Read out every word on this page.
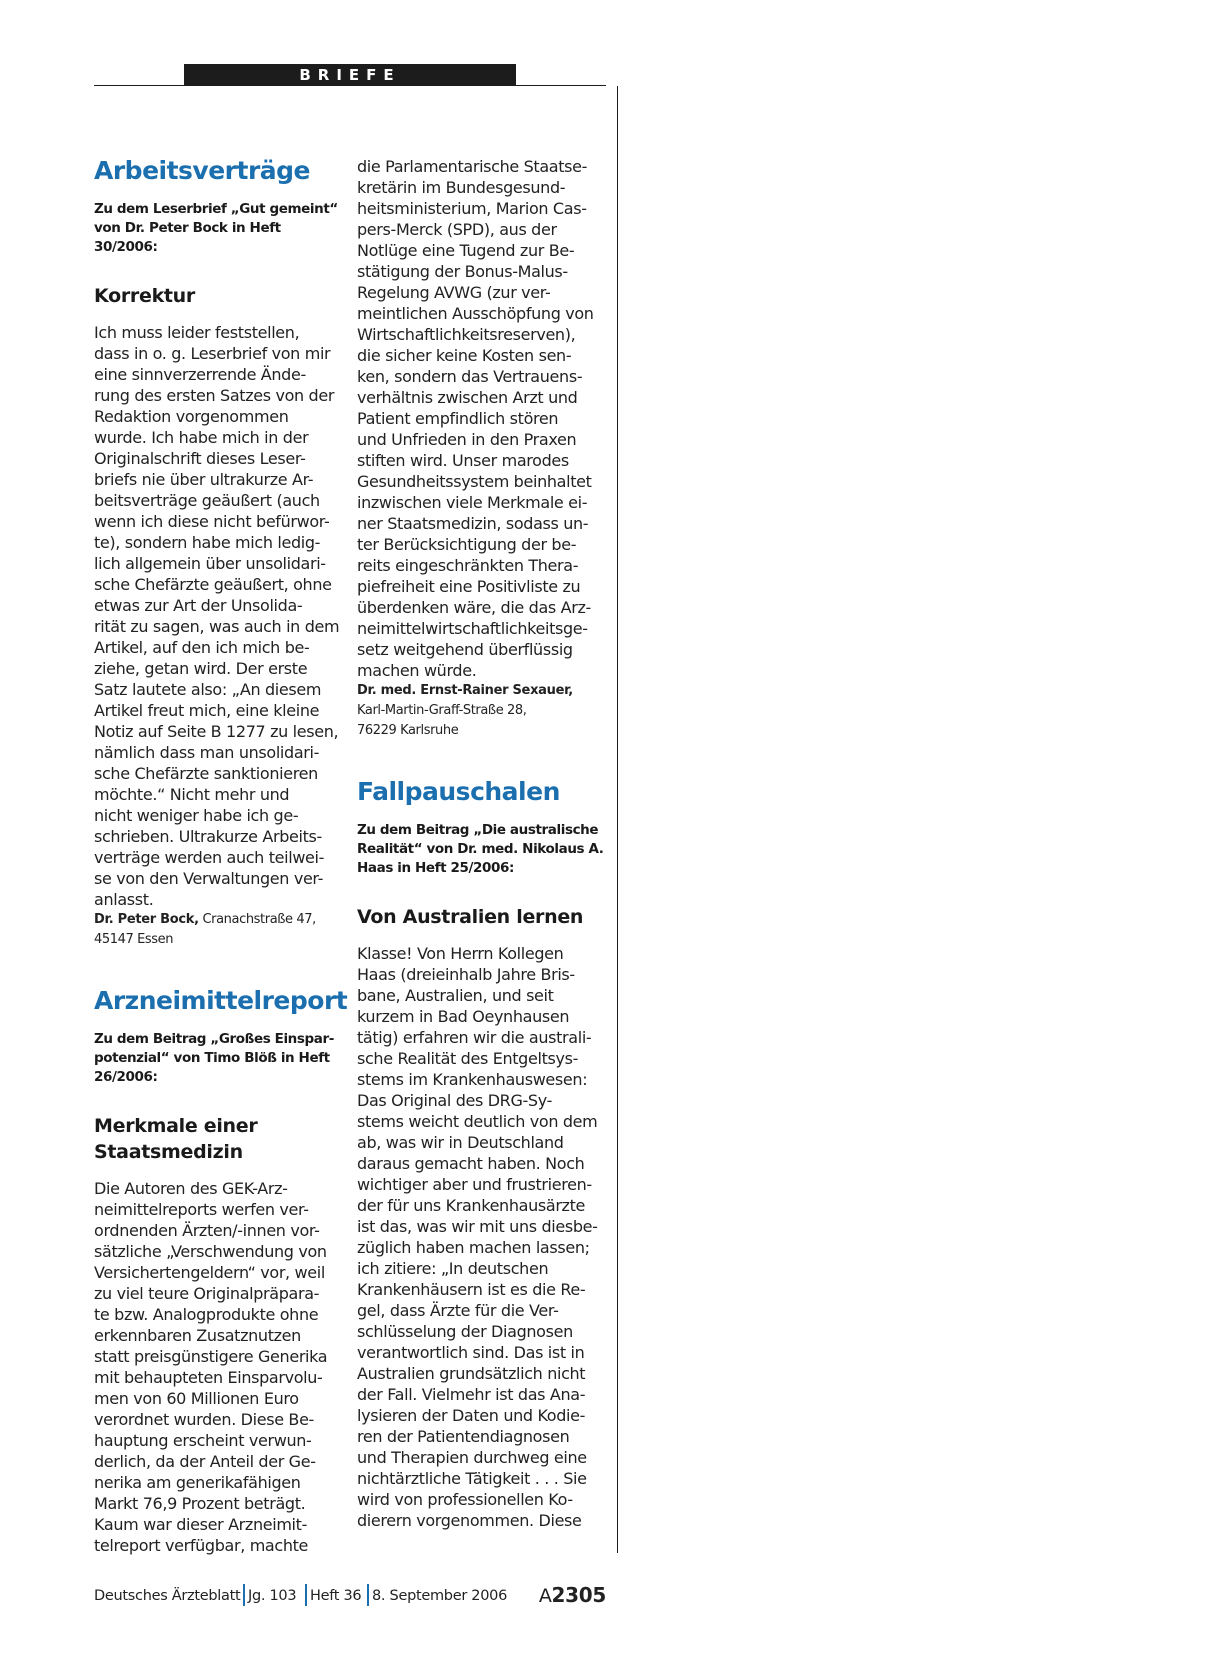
BRIEFE
Arbeitsverträge
Zu dem Leserbrief „Gut gemeint“
von Dr. Peter Bock in Heft 30/2006:
Korrektur

Ich muss leider feststellen,

dass in o. g. Leserbrief von mir

eine sinnverzerrende Ände-

rung des ersten Satzes von der

Redaktion vorgenommen

wurde. Ich habe mich in der

Originalschrift dieses Leser-

briefs nie über ultrakurze Ar-

beitsverträge geäußert (auch

wenn ich diese nicht befürwor-

te), sondern habe mich ledig-

lich allgemein über unsolidari-

sche Chefärzte geäußert, ohne

etwas zur Art der Unsolida-

rität zu sagen, was auch in dem

Artikel, auf den ich mich be-

ziehe, getan wird. Der erste

Satz lautete also: „An diesem

Artikel freut mich, eine kleine

Notiz auf Seite B 1277 zu lesen,

nämlich dass man unsolidari-

sche Chefärzte sanktionieren

möchte.“ Nicht mehr und

nicht weniger habe ich ge-

schrieben. Ultrakurze Arbeits-

verträge werden auch teilwei-

se von den Verwaltungen ver-

anlasst.

Dr. Peter Bock, Cranachstraße 47,
45147 Essen
Arzneimittelreport
Zu dem Beitrag „Großes Einspar-
potenzial“ von Timo Blöß in Heft
26/2006:
Merkmale einer
Staatsmedizin

Die Autoren des GEK-Arz-

neimittelreports werfen ver-

ordnenden Ärzten/-innen vor-

sätzliche „Verschwendung von

Versichertengeldern“ vor, weil

zu viel teure Originalpräpara-

te bzw. Analogprodukte ohne

erkennbaren Zusatznutzen

statt preisgünstigere Generika

mit behaupteten Einsparvolu-

men von 60 Millionen Euro

verordnet wurden. Diese Be-

hauptung erscheint verwun-

derlich, da der Anteil der Ge-

nerika am generikafähigen

Markt 76,9 Prozent beträgt.

Kaum war dieser Arzneimit-

telreport verfügbar, machte

die Parlamentarische Staatse-

kretärin im Bundesgesund-

heitsministerium, Marion Cas-

pers-Merck (SPD), aus der

Notlüge eine Tugend zur Be-

stätigung der Bonus-Malus-

Regelung AVWG (zur ver-

meintlichen Ausschöpfung von

Wirtschaftlichkeitsreserven),

die sicher keine Kosten sen-

ken, sondern das Vertrauens-

verhältnis zwischen Arzt und

Patient empfindlich stören

und Unfrieden in den Praxen

stiften wird. Unser marodes

Gesundheitssystem beinhaltet

inzwischen viele Merkmale ei-

ner Staatsmedizin, sodass un-

ter Berücksichtigung der be-

reits eingeschränkten Thera-

piefreiheit eine Positivliste zu

überdenken wäre, die das Arz-

neimittelwirtschaftlichkeitsge-

setz weitgehend überflüssig

machen würde.

Dr. med. Ernst-Rainer Sexauer,
Karl-Martin-Graff-Straße 28,
76229 Karlsruhe
Fallpauschalen
Zu dem Beitrag „Die australische
Realität“ von Dr. med. Nikolaus A.
Haas in Heft 25/2006:
Von Australien lernen

Klasse! Von Herrn Kollegen

Haas (dreieinhalb Jahre Bris-

bane, Australien, und seit

kurzem in Bad Oeynhausen

tätig) erfahren wir die australi-

sche Realität des Entgeltsys-

stems im Krankenhauswesen:

Das Original des DRG-Sy-

stems weicht deutlich von dem

ab, was wir in Deutschland

daraus gemacht haben. Noch

wichtiger aber und frustrieren-

der für uns Krankenhausärzte

ist das, was wir mit uns diesbe-

züglich haben machen lassen;

ich zitiere: „In deutschen

Krankenhäusern ist es die Re-

gel, dass Ärzte für die Ver-

schlüsselung der Diagnosen

verantwortlich sind. Das ist in

Australien grundsätzlich nicht

der Fall. Vielmehr ist das Ana-

lysieren der Daten und Kodie-

ren der Patientendiagnosen

und Therapien durchweg eine

nichtärztliche Tätigkeit . . . Sie

wird von professionellen Ko-

dierern vorgenommen. Diese

Deutsches Ärzteblatt Jg. 103 Heft 36 8. September 2006 A2305
